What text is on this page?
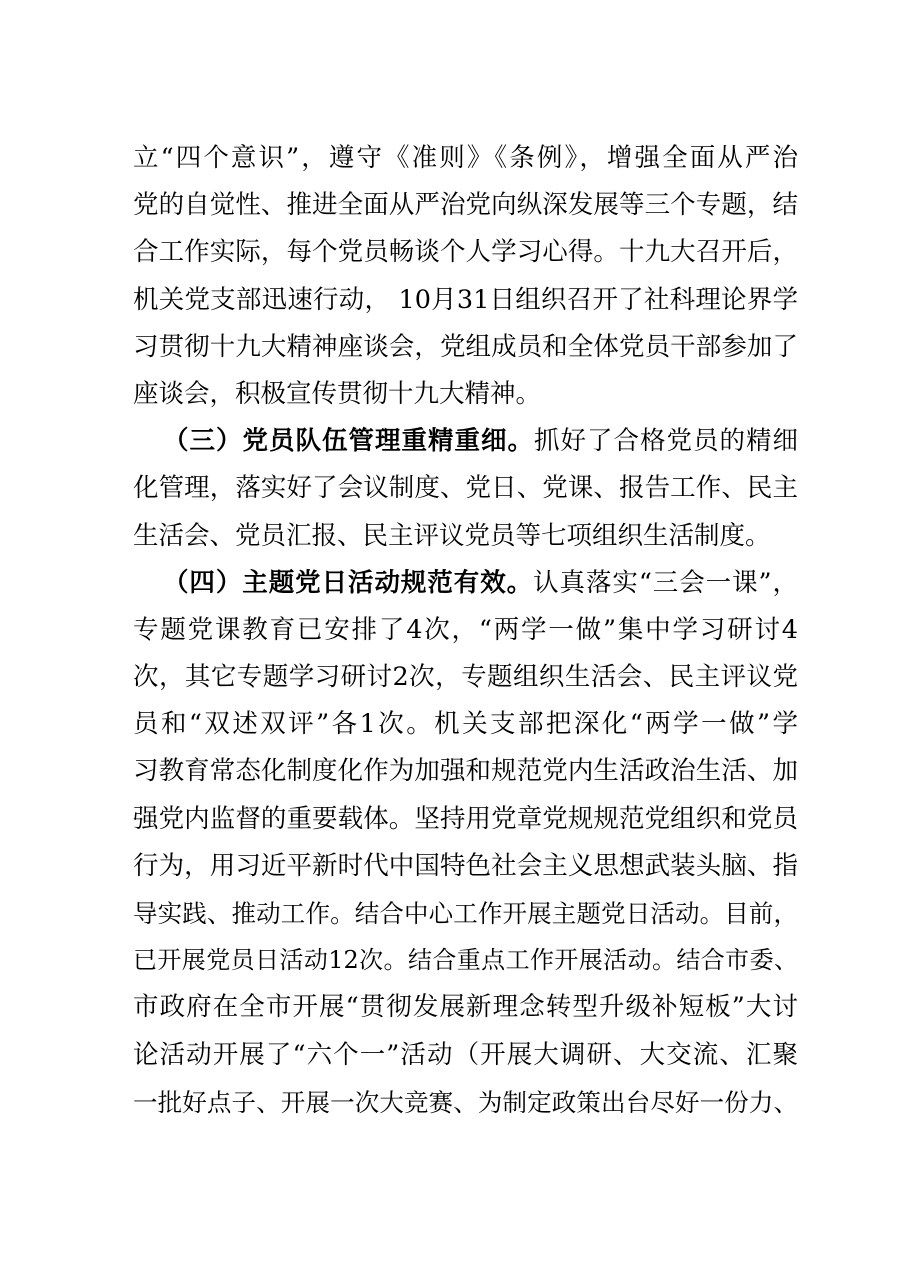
立“四个意识”，遵守《准则》《条例》，增强全面从严治
党的自觉性、推进全面从严治党向纵深发展等三个专题，结
合工作实际，每个党员畅谈个人学习心得。十九大召开后，
机关党支部迅速行动， 10月31日组织召开了社科理论界学
习贯彻十九大精神座谈会，党组成员和全体党员干部参加了
座谈会，积极宣传贯彻十九大精神。
（三）党员队伍管理重精重细。抓好了合格党员的精细
化管理，落实好了会议制度、党日、党课、报告工作、民主
生活会、党员汇报、民主评议党员等七项组织生活制度。
（四）主题党日活动规范有效。认真落实“三会一课”，
专题党课教育已安排了4次，“两学一做”集中学习研讨4
次，其它专题学习研讨2次，专题组织生活会、民主评议党
员和“双述双评”各1次。机关支部把深化“两学一做”学
习教育常态化制度化作为加强和规范党内生活政治生活、加
强党内监督的重要载体。坚持用党章党规规范党组织和党员
行为，用习近平新时代中国特色社会主义思想武装头脑、指
导实践、推动工作。结合中心工作开展主题党日活动。目前，
已开展党员日活动12次。结合重点工作开展活动。结合市委、
市政府在全市开展“贯彻发展新理念转型升级补短板”大讨
论活动开展了“六个一”活动（开展大调研、大交流、汇聚
一批好点子、开展一次大竞赛、为制定政策出台尽好一份力、
